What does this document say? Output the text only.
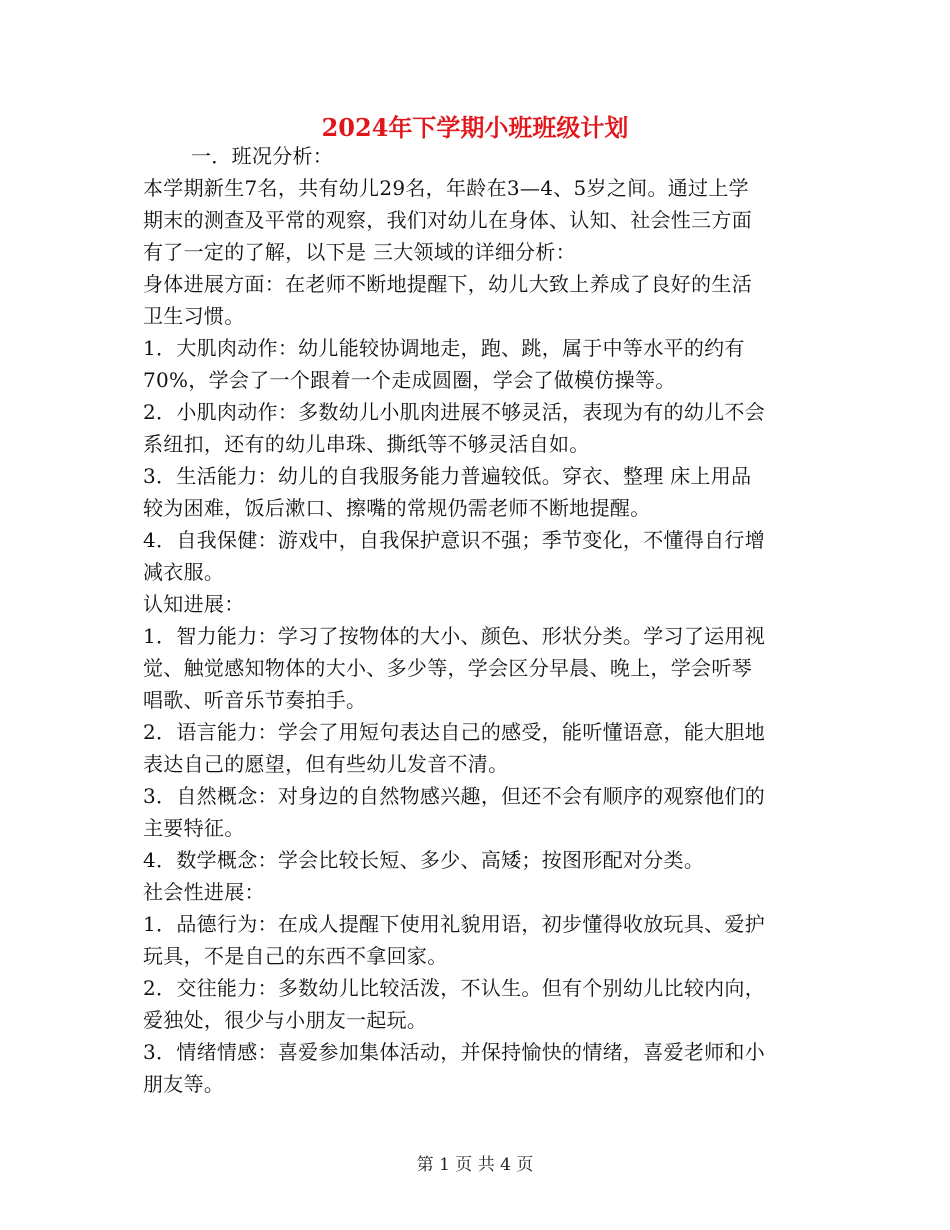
2024年下学期小班班级计划
一．班况分析：
本学期新生7名，共有幼儿29名，年龄在3—4、5岁之间。通过上学
期末的测查及平常的观察，我们对幼儿在身体、认知、社会性三方面
有了一定的了解，以下是 三大领域的详细分析：
身体进展方面：在老师不断地提醒下，幼儿大致上养成了良好的生活
卫生习惯。
1．大肌肉动作：幼儿能较协调地走，跑、跳，属于中等水平的约有
70%，学会了一个跟着一个走成圆圈，学会了做模仿操等。
2．小肌肉动作：多数幼儿小肌肉进展不够灵活，表现为有的幼儿不会
系纽扣，还有的幼儿串珠、撕纸等不够灵活自如。
3．生活能力：幼儿的自我服务能力普遍较低。穿衣、整理 床上用品
较为困难，饭后漱口、擦嘴的常规仍需老师不断地提醒。
4．自我保健：游戏中，自我保护意识不强；季节变化，不懂得自行增
减衣服。
认知进展：
1．智力能力：学习了按物体的大小、颜色、形状分类。学习了运用视
觉、触觉感知物体的大小、多少等，学会区分早晨、晚上，学会听琴
唱歌、听音乐节奏拍手。
2．语言能力：学会了用短句表达自己的感受，能听懂语意，能大胆地
表达自己的愿望，但有些幼儿发音不清。
3．自然概念：对身边的自然物感兴趣，但还不会有顺序的观察他们的
主要特征。
4．数学概念：学会比较长短、多少、高矮；按图形配对分类。
社会性进展：
1．品德行为：在成人提醒下使用礼貌用语，初步懂得收放玩具、爱护
玩具，不是自己的东西不拿回家。
2．交往能力：多数幼儿比较活泼，不认生。但有个别幼儿比较内向，
爱独处，很少与小朋友一起玩。
3．情绪情感：喜爱参加集体活动，并保持愉快的情绪，喜爱老师和小
朋友等。
第 1 页 共 4 页
